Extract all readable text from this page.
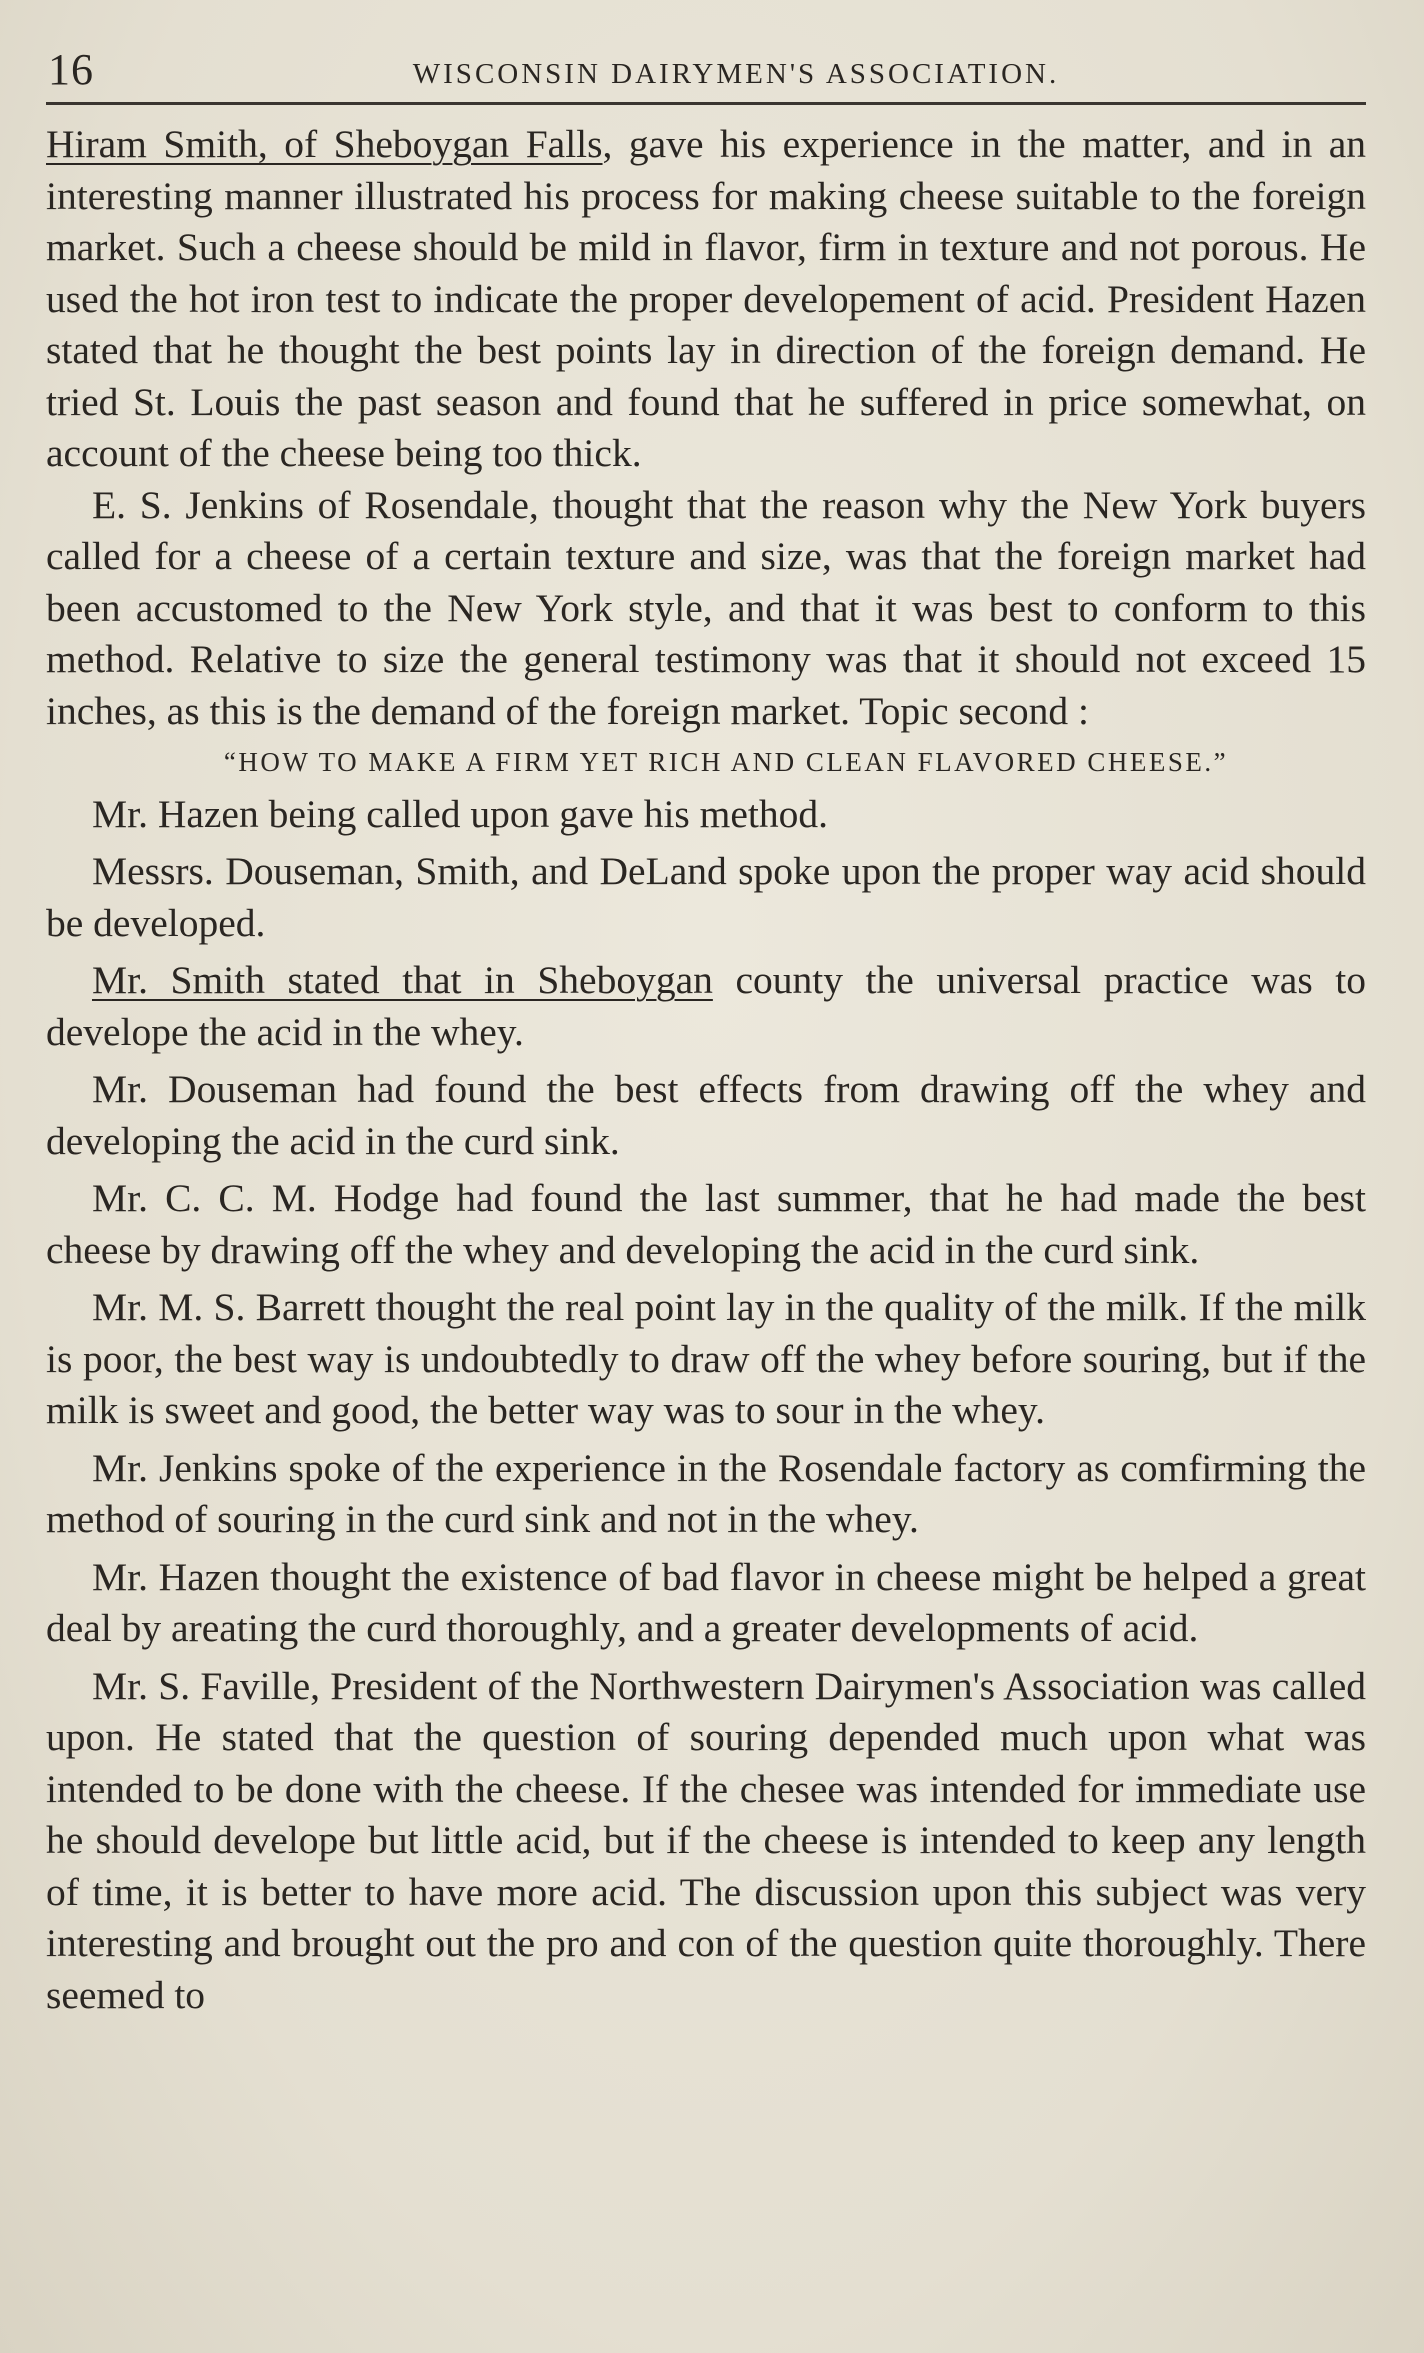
16	WISCONSIN DAIRYMEN'S ASSOCIATION.

Hiram Smith, of Sheboygan Falls, gave his experience in the matter, and in an interesting manner illustrated his process for making cheese suitable to the foreign market. Such a cheese should be mild in flavor, firm in texture and not porous. He used the hot iron test to indicate the proper developement of acid. President Hazen stated that he thought the best points lay in direction of the foreign demand. He tried St. Louis the past season and found that he suffered in price somewhat, on account of the cheese being too thick.

E. S. Jenkins of Rosendale, thought that the reason why the New York buyers called for a cheese of a certain texture and size, was that the foreign market had been accustomed to the New York style, and that it was best to conform to this method. Relative to size the general testimony was that it should not exceed 15 inches, as this is the demand of the foreign market. Topic second :

“HOW TO MAKE A FIRM YET RICH AND CLEAN FLAVORED CHEESE.”

Mr. Hazen being called upon gave his method.

Messrs. Douseman, Smith, and DeLand spoke upon the proper way acid should be developed.

Mr. Smith stated that in Sheboygan county the universal practice was to develope the acid in the whey.

Mr. Douseman had found the best effects from drawing off the whey and developing the acid in the curd sink.

Mr. C. C. M. Hodge had found the last summer, that he had made the best cheese by drawing off the whey and developing the acid in the curd sink.

Mr. M. S. Barrett thought the real point lay in the quality of the milk. If the milk is poor, the best way is undoubtedly to draw off the whey before souring, but if the milk is sweet and good, the better way was to sour in the whey.

Mr. Jenkins spoke of the experience in the Rosendale factory as comfirming the method of souring in the curd sink and not in the whey.

Mr. Hazen thought the existence of bad flavor in cheese might be helped a great deal by areating the curd thoroughly, and a greater developments of acid.

Mr. S. Faville, President of the Northwestern Dairymen's Association was called upon. He stated that the question of souring depended much upon what was intended to be done with the cheese. If the chesee was intended for immediate use he should develope but little acid, but if the cheese is intended to keep any length of time, it is better to have more acid. The discussion upon this subject was very interesting and brought out the pro and con of the question quite thoroughly. There seemed to
